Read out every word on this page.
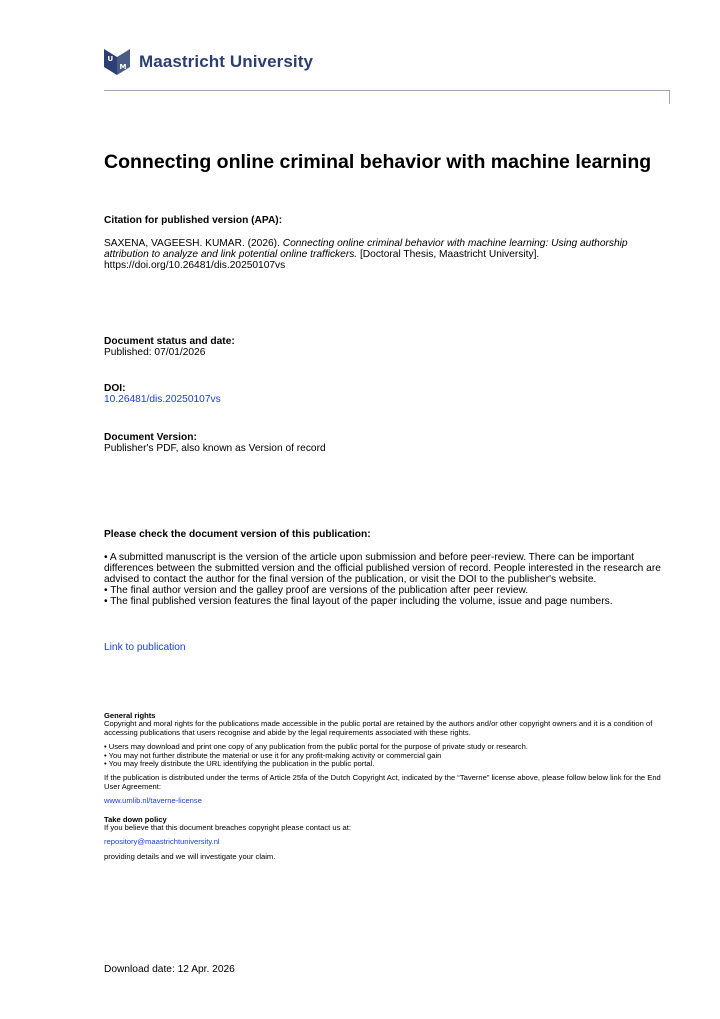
U
M Maastricht University
Connecting online criminal behavior with machine learning
Citation for published version (APA):
SAXENA, VAGEESH. KUMAR. (2026). Connecting online criminal behavior with machine learning: Using authorship attribution to analyze and link potential online traffickers. [Doctoral Thesis, Maastricht University]. https://doi.org/10.26481/dis.20250107vs
Document status and date:
Published: 07/01/2026
DOI:
10.26481/dis.20250107vs
Document Version:
Publisher's PDF, also known as Version of record
Please check the document version of this publication:

• A submitted manuscript is the version of the article upon submission and before peer-review. There can be important differences between the submitted version and the official published version of record. People interested in the research are advised to contact the author for the final version of the publication, or visit the DOI to the publisher's website.

• The final author version and the galley proof are versions of the publication after peer review.

• The final published version features the final layout of the paper including the volume, issue and page numbers.

Link to publication

General rights

Copyright and moral rights for the publications made accessible in the public portal are retained by the authors and/or other copyright owners and it is a condition of accessing publications that users recognise and abide by the legal requirements associated with these rights.

• Users may download and print one copy of any publication from the public portal for the purpose of private study or research.

• You may not further distribute the material or use it for any profit-making activity or commercial gain

• You may freely distribute the URL identifying the publication in the public portal.

If the publication is distributed under the terms of Article 25fa of the Dutch Copyright Act, indicated by the “Taverne” license above, please follow below link for the End User Agreement:

www.umlib.nl/taverne-license

Take down policy

If you believe that this document breaches copyright please contact us at:

repository@maastrichtuniversity.nl

providing details and we will investigate your claim.

Download date: 12 Apr. 2026
